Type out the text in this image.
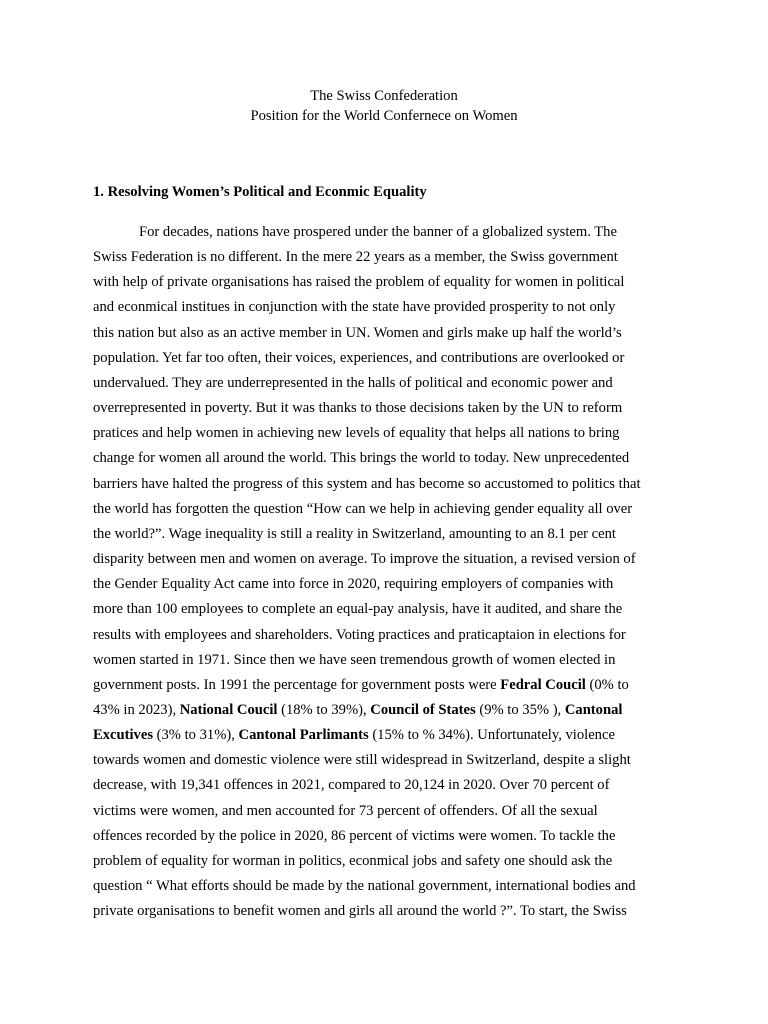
The Swiss Confederation
Position for the World Confernece on Women
1. Resolving Women’s Political and Econmic Equality
For decades, nations have prospered under the banner of a globalized system. The
Swiss Federation is no different. In the mere 22 years as a member, the Swiss government
with help of private organisations has raised the problem of equality for women in political
and econmical institues in conjunction with the state have provided prosperity to not only
this nation but also as an active member in UN. Women and girls make up half the world’s
population. Yet far too often, their voices, experiences, and contributions are overlooked or
undervalued. They are underrepresented in the halls of political and economic power and
overrepresented in poverty. But it was thanks to those decisions taken by the UN to reform
pratices and help women in achieving new levels of equality that helps all nations to bring
change for women all around the world. This brings the world to today. New unprecedented
barriers have halted the progress of this system and has become so accustomed to politics that
the world has forgotten the question “How can we help in achieving gender equality all over
the world?”. Wage inequality is still a reality in Switzerland, amounting to an 8.1 per cent
disparity between men and women on average. To improve the situation, a revised version of
the Gender Equality Act came into force in 2020, requiring employers of companies with
more than 100 employees to complete an equal-pay analysis, have it audited, and share the
results with employees and shareholders. Voting practices and praticaptaion in elections for
women started in 1971. Since then we have seen tremendous growth of women elected in
government posts. In 1991 the percentage for government posts were Fedral Coucil (0% to
43% in 2023), National Coucil (18% to 39%), Council of States (9% to 35% ), Cantonal
Excutives (3% to 31%), Cantonal Parlimants (15% to % 34%). Unfortunately, violence
towards women and domestic violence were still widespread in Switzerland, despite a slight
decrease, with 19,341 offences in 2021, compared to 20,124 in 2020. Over 70 percent of
victims were women, and men accounted for 73 percent of offenders. Of all the sexual
offences recorded by the police in 2020, 86 percent of victims were women. To tackle the
problem of equality for worman in politics, econmical jobs and safety one should ask the
question “ What efforts should be made by the national government, international bodies and
private organisations to benefit women and girls all around the world ?”. To start, the Swiss
